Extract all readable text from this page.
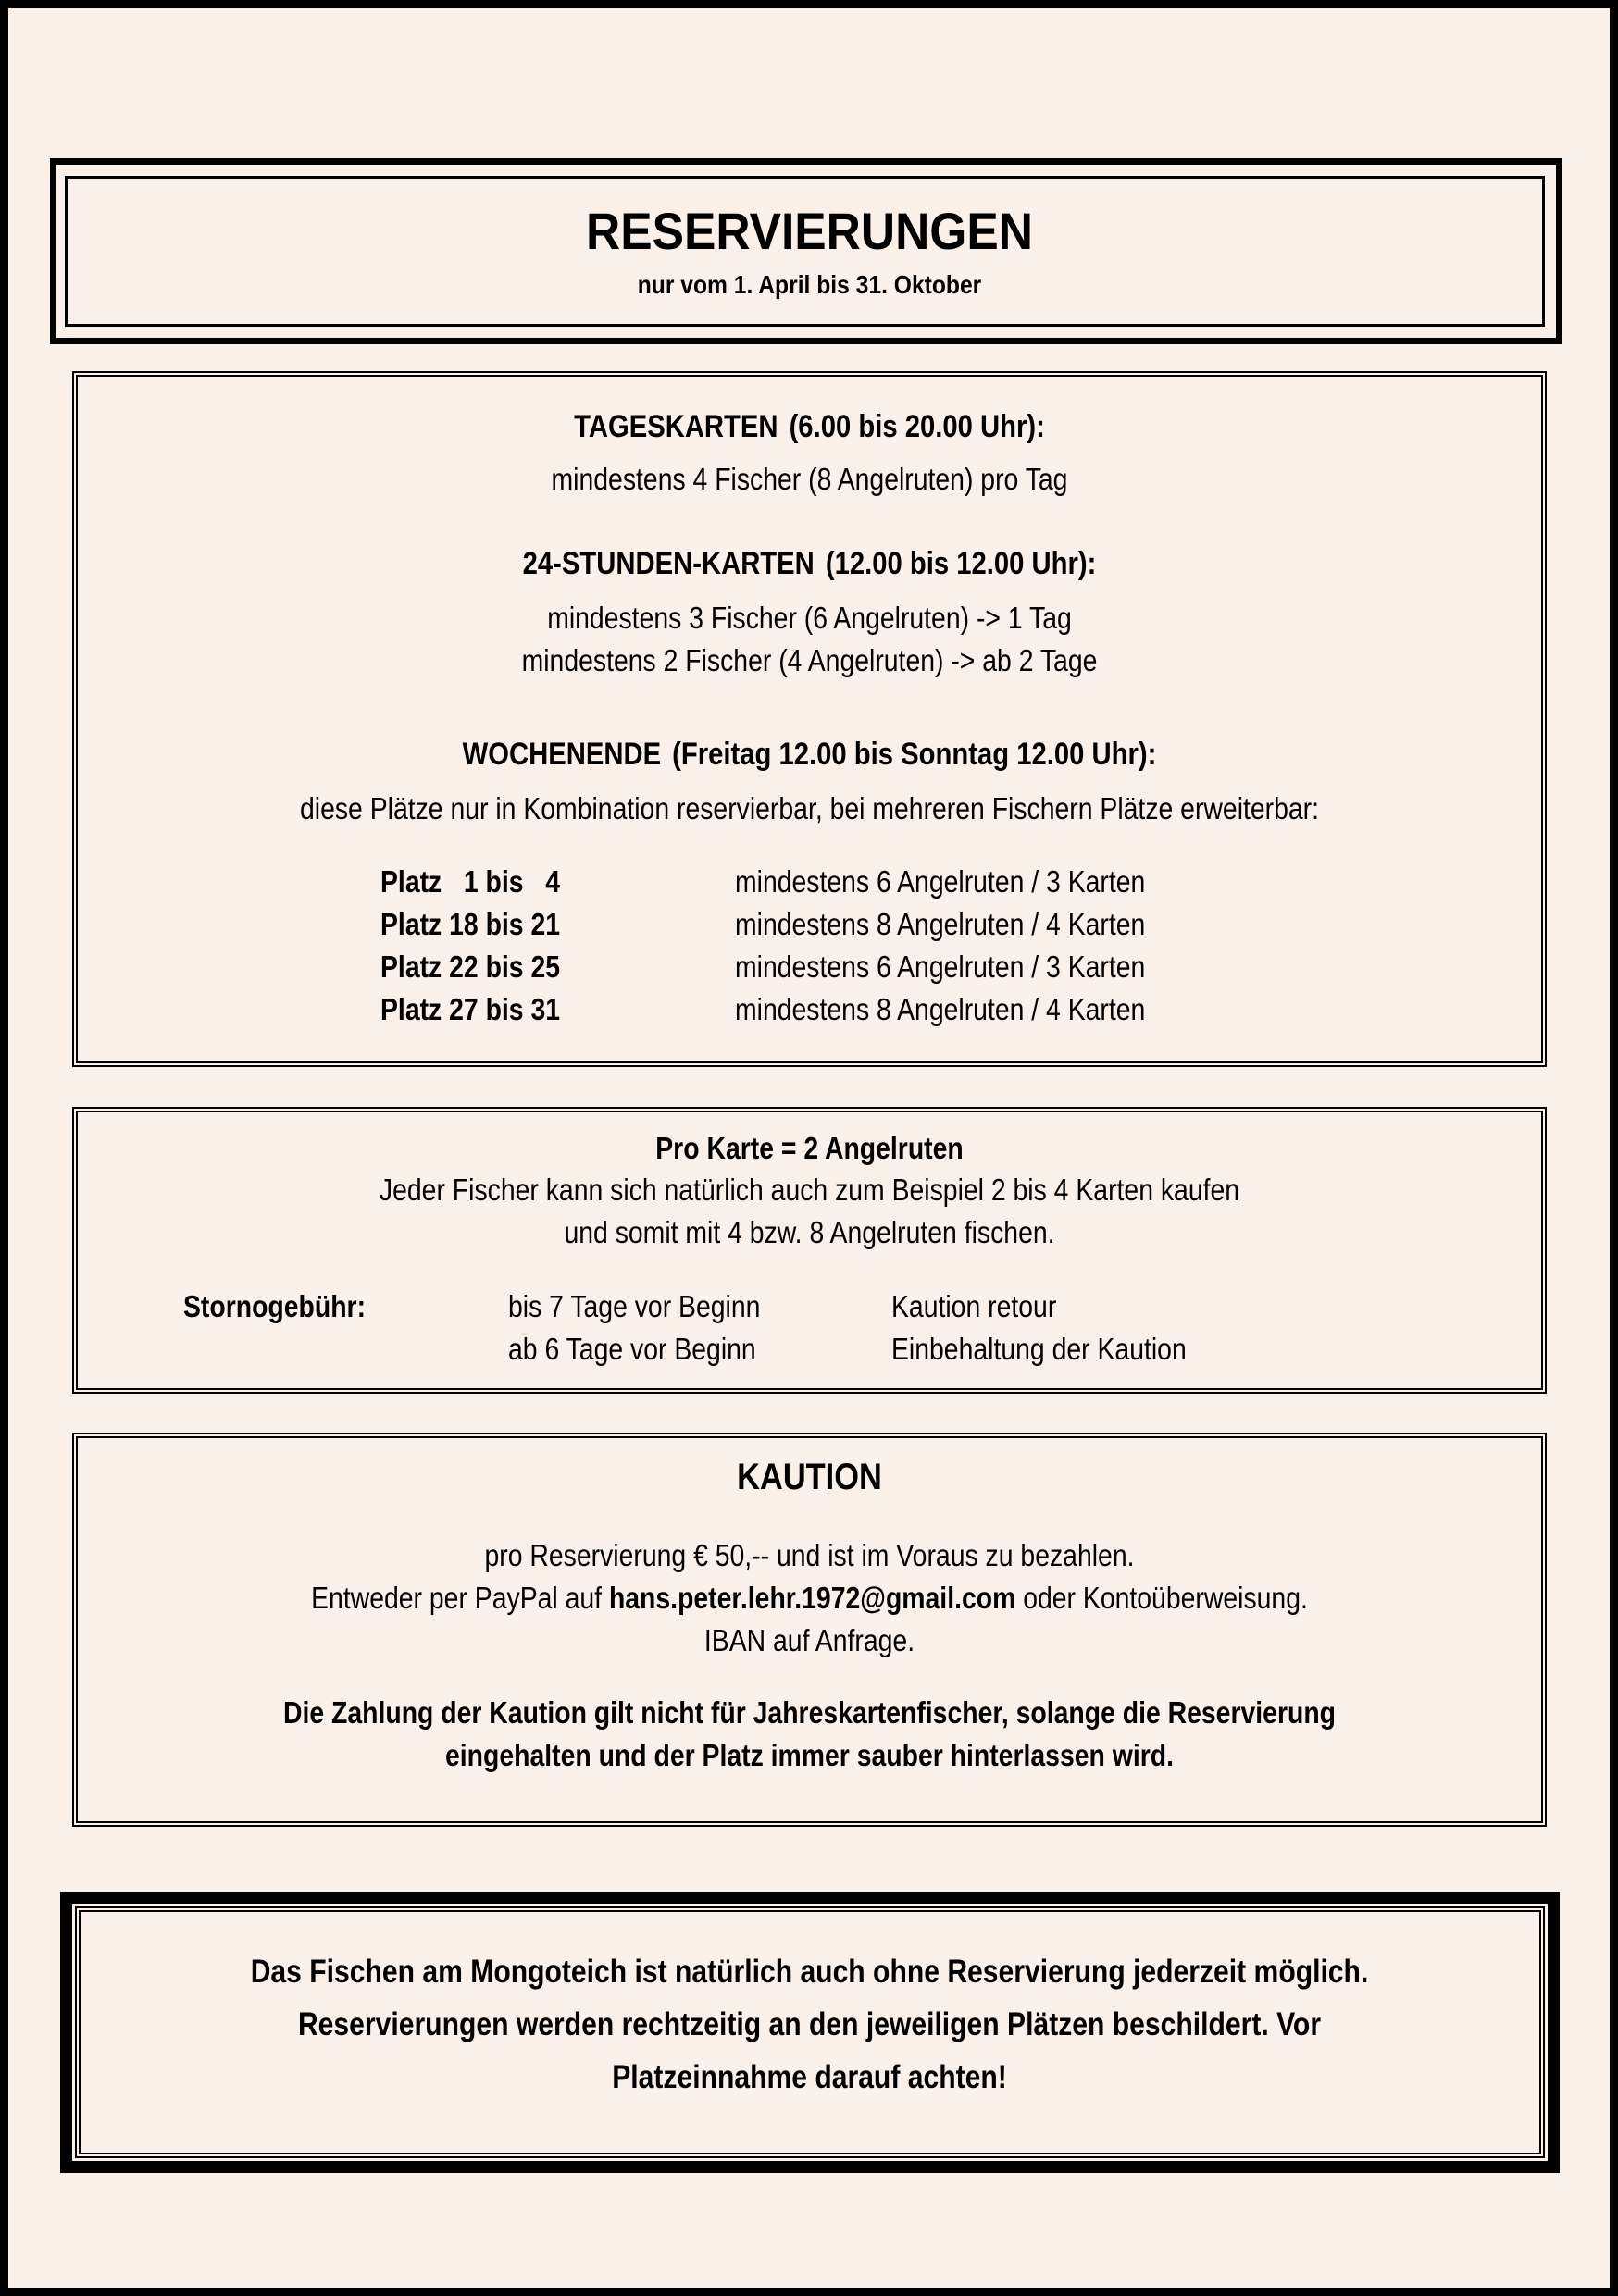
RESERVIERUNGEN
nur vom 1. April bis 31. Oktober
TAGESKARTEN (6.00 bis 20.00 Uhr):
mindestens 4 Fischer (8 Angelruten) pro Tag
24-STUNDEN-KARTEN (12.00 bis 12.00 Uhr):
mindestens 3 Fischer (6 Angelruten) -> 1 Tag
mindestens 2 Fischer (4 Angelruten) -> ab 2 Tage
WOCHENENDE (Freitag 12.00 bis Sonntag 12.00 Uhr):
diese Plätze nur in Kombination reservierbar, bei mehreren Fischern Plätze erweiterbar:
Platz   1 bis   4	mindestens 6 Angelruten / 3 Karten
Platz 18 bis 21	mindestens 8 Angelruten / 4 Karten
Platz 22 bis 25	mindestens 6 Angelruten / 3 Karten
Platz 27 bis 31	mindestens 8 Angelruten / 4 Karten
Pro Karte = 2 Angelruten
Jeder Fischer kann sich natürlich auch zum Beispiel 2 bis 4 Karten kaufen
und somit mit 4 bzw. 8 Angelruten fischen.
Stornogebühr:	bis 7 Tage vor Beginn	Kaution retour
ab 6 Tage vor Beginn	Einbehaltung der Kaution
KAUTION
pro Reservierung € 50,-- und ist im Voraus zu bezahlen.
Entweder per PayPal auf hans.peter.lehr.1972@gmail.com oder Kontoüberweisung.
IBAN auf Anfrage.
Die Zahlung der Kaution gilt nicht für Jahreskartenfischer, solange die Reservierung
eingehalten und der Platz immer sauber hinterlassen wird.
Das Fischen am Mongoteich ist natürlich auch ohne Reservierung jederzeit möglich.
Reservierungen werden rechtzeitig an den jeweiligen Plätzen beschildert. Vor
Platzeinnahme darauf achten!
